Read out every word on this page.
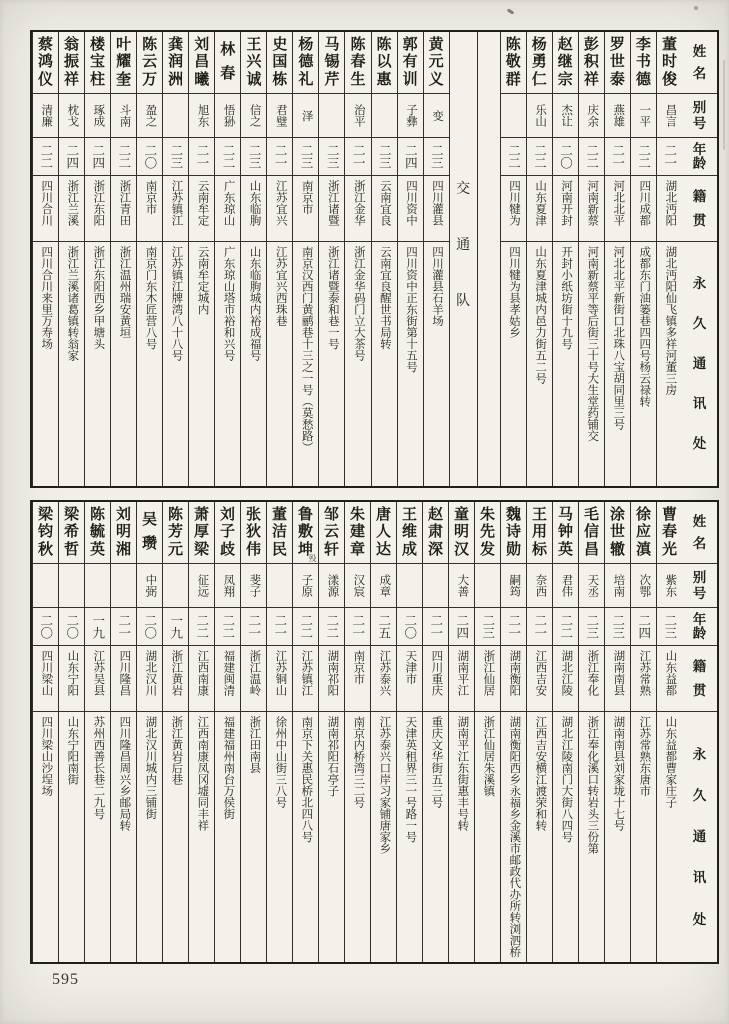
姓
名
别
号
年
龄
籍
贯
永
久
通
讯
处
董
时
俊
昌言
二一
湖北沔阳
湖北沔阳仙飞镇多祥河董三房
李
书
德
一平
二二
四川成都
成都东门油篓巷四四号杨云禄转
罗
世
泰
燕雄
二一
河北北平
河北北平新街口北珠八宝胡同里三号
彭
积
祥
庆余
二二
河南新蔡
河南新蔡平等后街三十号大生堂药铺交
赵
继
宗
杰让
二〇
河南开封
开封小纸坊街十九号
杨
勇
仁
乐山
二二
山东夏津
山东夏津城内邑力街五二号
陈
敬
群
二二
四川犍为
四川犍为县孝姑乡
交
通
队
黄
元
义
变
二三
四川灌县
四川灌县石羊场
郭
有
训
子彝
二四
四川资中
四川资中正东街第十五号
陈
以
惠
二三
云南宜良
云南宜良醒世书局转
陈
春
生
治平
二一
浙江金华
浙江金华码门立大茶号
马
锡
芹
二三
浙江诸暨
浙江诸暨泰和巷一号
杨
德
礼
泽
二三
南京市
南京汉西门黄鹂巷十三之一号（莫愁路）
史
国
栋
君璧
二一
江苏宜兴
江苏宜兴西珠巷
王
兴
诚
信之
二三
山东临朐
山东临朐城内裕成福号
林
春
悟狲
二二
广东琼山
广东琼山塔市裕和兴号
刘
昌
曦
旭东
二一
云南牟定
云南牟定城内
龚
润
洲
二三
江苏镇江
江苏镇江牌湾八十八号
陈
云
万
盈之
二〇
南京市
南京门东木匠营八号
叶
耀
奎
斗南
二二
浙江青田
浙江温州瑞安黄垣
楼
宝
柱
琢成
二四
浙江东阳
浙江东阳西乡甲塘头
翁
振
祥
枕戈
二四
浙江兰溪
浙江兰溪诸葛镇转翁家
蔡
鸿
仪
清廉
二二
四川合川
四川合川来里万寿场
姓
名
别
号
年
龄
籍
贯
永
久
通
讯
处
曹
春
光
紫东
二三
山东益都
山东益都曹家庄子
徐
应
滇
次鄂
二四
江苏常熟
江苏常熟东唐市
涂
世
辙
培南
二三
湖南南县
湖南南县刘家垅十七号
毛
信
昌
天丞
二三
浙江奉化
浙江奉化溪口转岩头三份第
马
钟
英
君伟
二二
湖北江陵
湖北江陵南门大街八四号
王
用
标
奈西
二一
江西吉安
江西吉安横江渡荣和转
魏
诗
勋
嗣筠
二一
湖南衡阳
湖南衡阳西乡永福乡金溪市邮政代办所转浏泗桥
朱
先
发
二三
浙江仙居
浙江仙居朱溪镇
童
明
汉
大善
二四
湖南平江
湖南平江东街惠丰号转
赵
肃
深
二一
四川重庆
重庆文华街五三号
王
维
成
二〇
天津市
天津英租界三一号路一号
唐
人
达
成章
二五
江苏泰兴
江苏泰兴口岸习家铺唐家乡
朱
建
章
汉宸
二一
南京市
南京内桥湾三二号
邹
云
轩
漾源
二二
湖南祁阳
湖南祁阳石亭子
鲁
敷
坤
殁
子原
二二
江苏镇江
南京下关惠民桥北四八号
董
洁
民
二一
江苏铜山
徐州中山街三八号
张
狄
伟
斐子
二一
浙江温岭
浙江田南县
刘
子
歧
凤翔
二二
福建闽清
福建福州南台万侯街
萧
厚
梁
征远
二二
江西南康
江西南康凤冈墟同丰祥
陈
芳
元
一九
浙江黄岩
浙江黄岩后巷
吴
瓒
中弼
二〇
湖北汉川
湖北汉川城内三铺街
刘
明
湘
二一
四川隆昌
四川隆昌周兴乡邮局转
陈
毓
英
一九
江苏吴县
苏州西善长巷二九号
梁
希
哲
二〇
山东宁阳
山东宁阳南街
梁
钧
秋
二〇
四川梁山
四川梁山沙埕场
595
